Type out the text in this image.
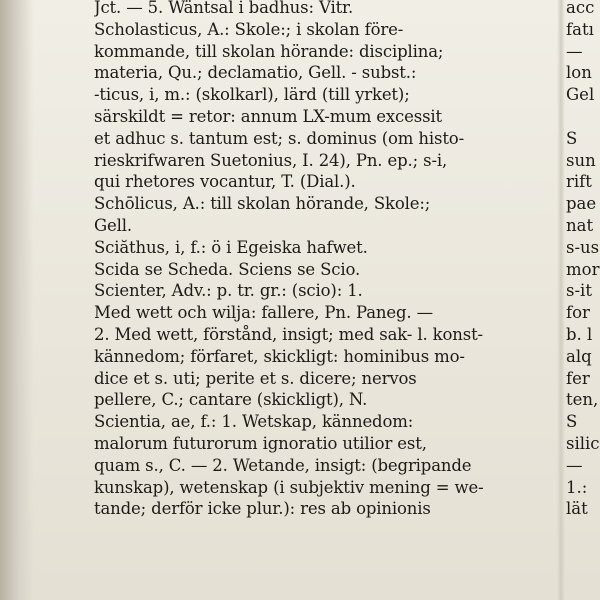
Jct. — 5. Wäntsal i badhus: Vitr.
Scholasticus, A.: Skole:; i skolan före-
kommande, till skolan hörande: disciplina;
materia, Qu.; declamatio, Gell. - subst.:
-ticus, i, m.: (skolkarl), lärd (till yrket);
särskildt = retor: annum LX-mum excessit
et adhuc s. tantum est; s. dominus (om histo-
rieskrifwaren Suetonius, I. 24), Pn. ep.; s-i,
qui rhetores vocantur, T. (Dial.).
Schōlicus, A.: till skolan hörande, Skole:;
Gell.
Sciăthus, i, f.: ö i Egeiska hafwet.
Scida se Scheda. Sciens se Scio.
Scienter, Adv.: p. tr. gr.: (scio): 1.
Med wett och wilja: fallere, Pn. Paneg. —
2. Med wett, förstånd, insigt; med sak- l. konst-
kännedom; förfaret, skickligt: hominibus mo-
dice et s. uti; perite et s. dicere; nervos
pellere, C.; cantare (skickligt), N.
Scientia, ae, f.: 1. Wetskap, kännedom:
malorum futurorum ignoratio utilior est,
quam s., C. — 2. Wetande, insigt: (begripande
kunskap), wetenskap (i subjektiv mening = we-
tande; derför icke plur.): res ab opinionis
acc
fatı
—
lon
Gel
S
sun
rift
pae
nat
s-us
mor
s-it
for
b. l
alq
fer
ten,
S
silic
—
1.:
lät
